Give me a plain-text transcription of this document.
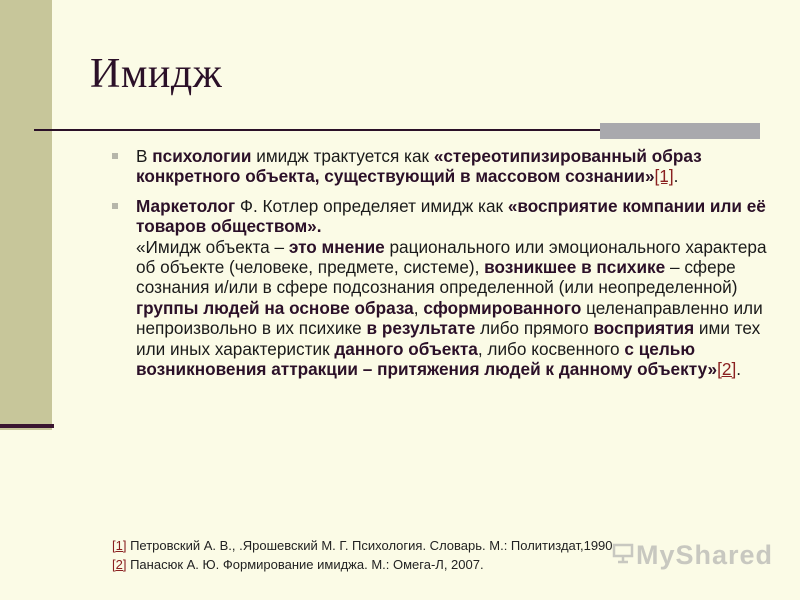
Имидж
В психологии имидж трактуется как «стереотипизированный образ конкретного объекта, существующий в массовом сознании»[1].
Маркетолог Ф. Котлер определяет имидж как «восприятие компании или её товаров обществом».
«Имидж объекта – это мнение рационального или эмоционального характера об объекте (человеке, предмете, системе), возникшее в психике – сфере сознания и/или в сфере подсознания определенной (или неопределенной) группы людей на основе образа, сформированного целенаправленно или непроизвольно в их психике в результате либо прямого восприятия ими тех или иных характеристик данного объекта, либо косвенного с целью возникновения аттракции – притяжения людей к данному объекту»[2].
[1] Петровский А. В., .Ярошевский М. Г. Психология. Словарь. М.: Политиздат,1990.
[2] Панасюк А. Ю. Формирование имиджа. М.: Омега-Л, 2007.	MyShared
